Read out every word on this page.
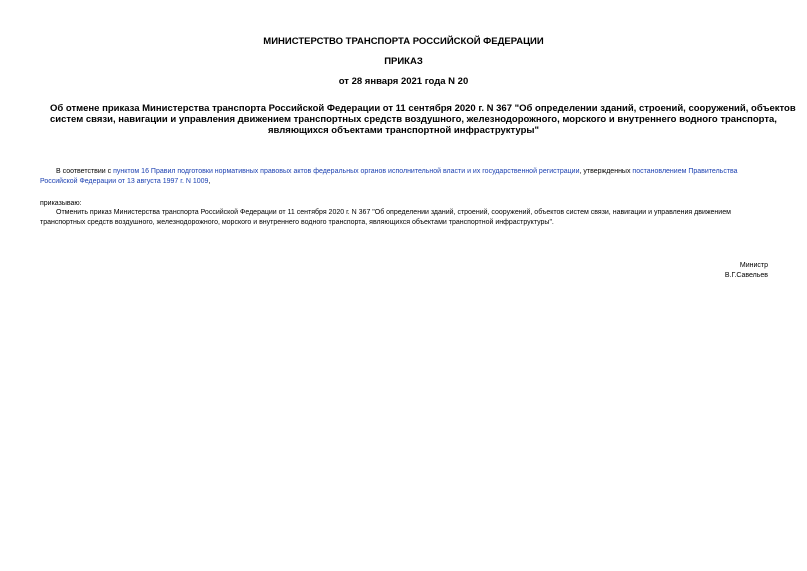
МИНИСТЕРСТВО ТРАНСПОРТА РОССИЙСКОЙ ФЕДЕРАЦИИ
ПРИКАЗ
от 28 января 2021 года N 20
Об отмене приказа Министерства транспорта Российской Федерации от 11 сентября 2020 г. N 367 "Об определении зданий, строений, сооружений, объектов
систем связи, навигации и управления движением транспортных средств воздушного, железнодорожного, морского и внутреннего водного транспорта,
являющихся объектами транспортной инфраструктуры"
В соответствии с пунктом 16 Правил подготовки нормативных правовых актов федеральных органов исполнительной власти и их государственной регистрации, утвержденных постановлением Правительства
Российской Федерации от 13 августа 1997 г. N 1009,
приказываю:
Отменить приказ Министерства транспорта Российской Федерации от 11 сентября 2020 г. N 367 "Об определении зданий, строений, сооружений, объектов систем связи, навигации и управления движением
транспортных средств воздушного, железнодорожного, морского и внутреннего водного транспорта, являющихся объектами транспортной инфраструктуры".
Министр
В.Г.Савельев
